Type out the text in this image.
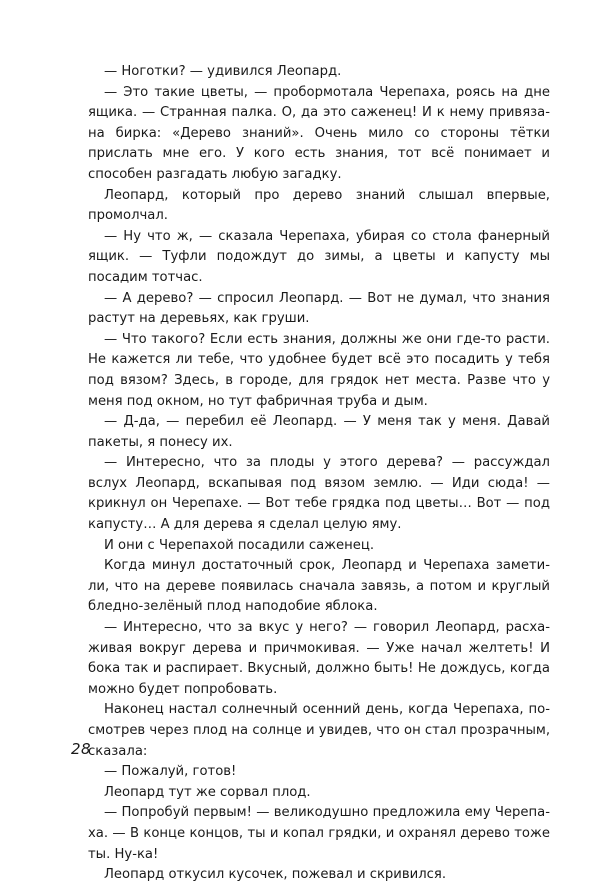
— Ноготки? — удивился Леопард.

— Это такие цветы, — пробормотала Черепаха, роясь на дне ящика. — Странная палка. О, да это саженец! И к нему привязана бирка: «Дерево знаний». Очень мило со стороны тётки прислать мне его. У кого есть знания, тот всё понимает и способен разгадать любую загадку.

Леопард, который про дерево знаний слышал впервые, промолчал.

— Ну что ж, — сказала Черепаха, убирая со стола фанерный ящик. — Туфли подождут до зимы, а цветы и капусту мы посадим тотчас.

— А дерево? — спросил Леопард. — Вот не думал, что знания растут на деревьях, как груши.

— Что такого? Если есть знания, должны же они где-то расти. Не кажется ли тебе, что удобнее будет всё это посадить у тебя под вязом? Здесь, в городе, для грядок нет места. Разве что у меня под окном, но тут фабричная труба и дым.

— Д-да, — перебил её Леопард. — У меня так у меня. Давай пакеты, я понесу их.

— Интересно, что за плоды у этого дерева? — рассуждал вслух Леопард, вскапывая под вязом землю. — Иди сюда! — крикнул он Черепахе. — Вот тебе грядка под цветы… Вот — под капусту… А для дерева я сделал целую яму.

И они с Черепахой посадили саженец.

Когда минул достаточный срок, Леопард и Черепаха заметили, что на дереве появилась сначала завязь, а потом и круглый бледно-зелёный плод наподобие яблока.

— Интересно, что за вкус у него? — говорил Леопард, расхаживая вокруг дерева и причмокивая. — Уже начал желтеть! И бока так и распирает. Вкусный, должно быть! Не дождусь, когда можно будет попробовать.

Наконец настал солнечный осенний день, когда Черепаха, посмотрев через плод на солнце и увидев, что он стал прозрачным, сказала:

— Пожалуй, готов!

Леопард тут же сорвал плод.

— Попробуй первым! — великодушно предложила ему Черепаха. — В конце концов, ты и копал грядки, и охранял дерево тоже ты. Ну-ка!

Леопард откусил кусочек, пожевал и скривился.

28
